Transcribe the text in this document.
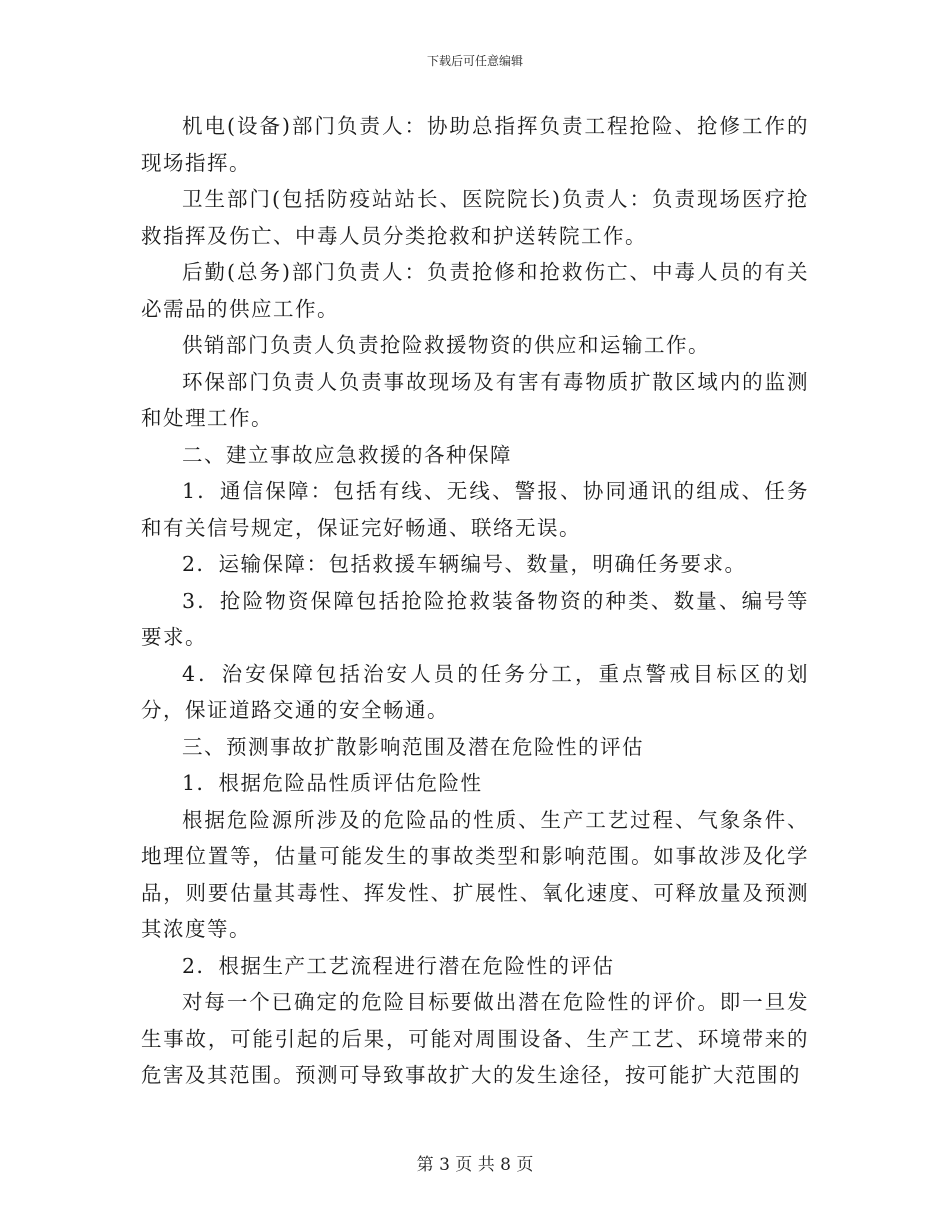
下载后可任意编辑

机电(设备)部门负责人：协助总指挥负责工程抢险、抢修工作的现场指挥。

卫生部门(包括防疫站站长、医院院长)负责人：负责现场医疗抢救指挥及伤亡、中毒人员分类抢救和护送转院工作。

后勤(总务)部门负责人：负责抢修和抢救伤亡、中毒人员的有关必需品的供应工作。

供销部门负责人负责抢险救援物资的供应和运输工作。

环保部门负责人负责事故现场及有害有毒物质扩散区域内的监测和处理工作。

二、建立事故应急救援的各种保障

1．通信保障：包括有线、无线、警报、协同通讯的组成、任务和有关信号规定，保证完好畅通、联络无误。

2．运输保障：包括救援车辆编号、数量，明确任务要求。

3．抢险物资保障包括抢险抢救装备物资的种类、数量、编号等要求。

4．治安保障包括治安人员的任务分工，重点警戒目标区的划分，保证道路交通的安全畅通。

三、预测事故扩散影响范围及潜在危险性的评估

1．根据危险品性质评估危险性

根据危险源所涉及的危险品的性质、生产工艺过程、气象条件、地理位置等，估量可能发生的事故类型和影响范围。如事故涉及化学品，则要估量其毒性、挥发性、扩展性、氧化速度、可释放量及预测其浓度等。

2．根据生产工艺流程进行潜在危险性的评估

对每一个已确定的危险目标要做出潜在危险性的评价。即一旦发生事故，可能引起的后果，可能对周围设备、生产工艺、环境带来的危害及其范围。预测可导致事故扩大的发生途径，按可能扩大范围的

第 3 页 共 8 页
